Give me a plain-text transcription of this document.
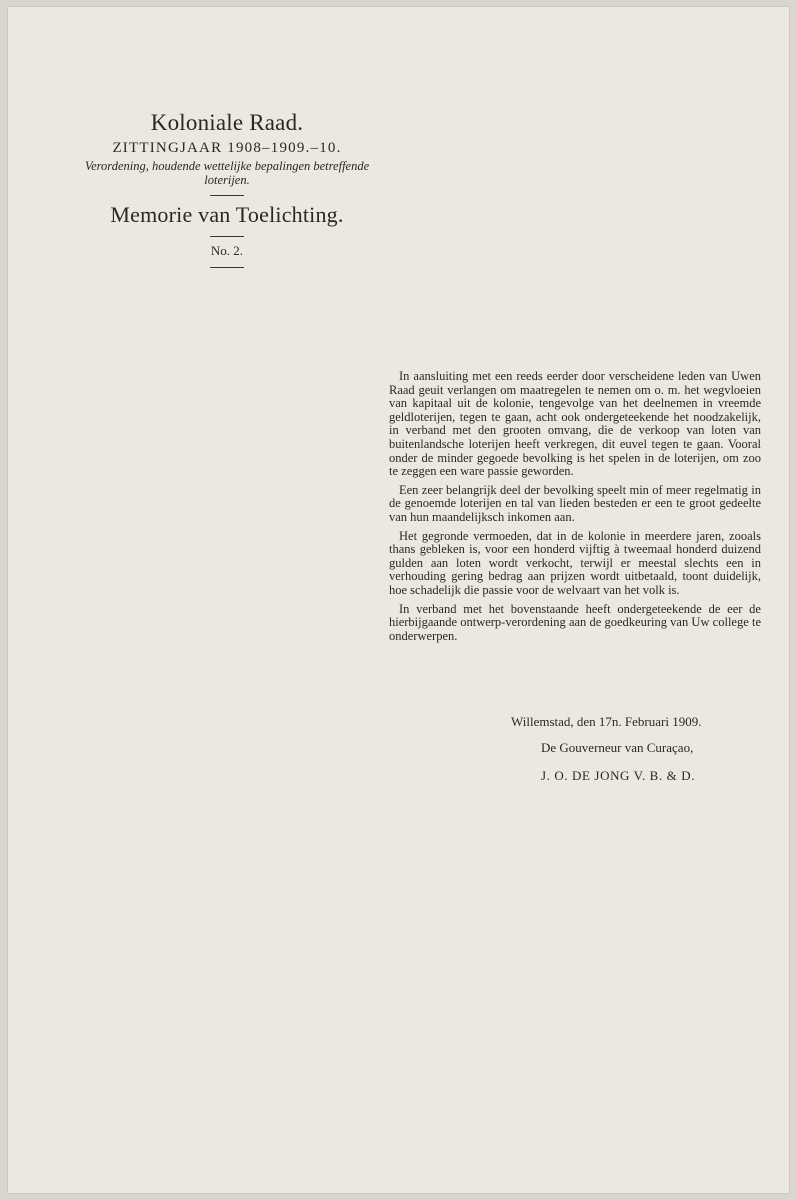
Koloniale Raad.
ZITTINGJAAR 1908–1909.–10.
Verordening, houdende wettelijke bepalingen betreffende loterijen.
Memorie van Toelichting.
No. 2.

In aansluiting met een reeds eerder door verscheidene leden van Uwen Raad geuit verlangen om maatregelen te nemen om o. m. het wegvloeien van kapitaal uit de kolonie, tengevolge van het deelnemen in vreemde geldloterijen, tegen te gaan, acht ook ondergeteekende het noodzakelijk, in verband met den grooten omvang, die de verkoop van loten van buitenlandsche loterijen heeft verkregen, dit euvel tegen te gaan. Vooral onder de minder gegoede bevolking is het spelen in de loterijen, om zoo te zeggen een ware passie geworden.

Een zeer belangrijk deel der bevolking speelt min of meer regelmatig in de genoemde loterijen en tal van lieden besteden er een te groot gedeelte van hun maandelijksch inkomen aan.

Het gegronde vermoeden, dat in de kolonie in meerdere jaren, zooals thans gebleken is, voor een honderd vijftig à tweemaal honderd duizend gulden aan loten wordt verkocht, terwijl er meestal slechts een in verhouding gering bedrag aan prijzen wordt uitbetaald, toont duidelijk, hoe schadelijk die passie voor de welvaart van het volk is.

In verband met het bovenstaande heeft ondergeteekende de eer de hierbijgaande ontwerp-verordening aan de goedkeuring van Uw college te onderwerpen.

Willemstad, den 17n. Februari 1909.
De Gouverneur van Curaçao,
J. O. DE JONG V. B. & D.
